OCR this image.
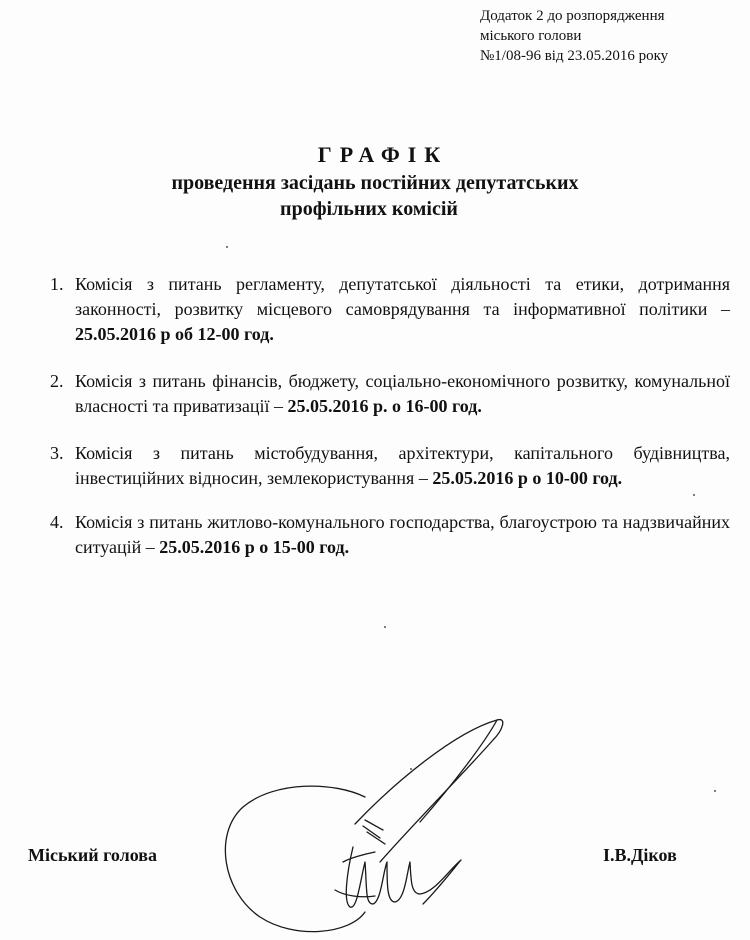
Додаток 2 до розпорядження
міського голови
№1/08-96 від 23.05.2016 року
ГРАФІК
проведення засідань постійних депутатських
профільних комісій
1. Комісія з питань регламенту, депутатської діяльності та етики, дотримання законності, розвитку місцевого самоврядування та інформативної політики – 25.05.2016 р об 12-00 год.
2. Комісія з питань фінансів, бюджету, соціально-економічного розвитку, комунальної власності та приватизації – 25.05.2016 р. о 16-00 год.
3. Комісія з питань містобудування, архітектури, капітального будівництва, інвестиційних відносин, землекористування – 25.05.2016 р о 10-00 год.
4. Комісія з питань житлово-комунального господарства, благоустрою та надзвичайних ситуацій – 25.05.2016 р о 15-00 год.
Міський голова	І.В.Діков
